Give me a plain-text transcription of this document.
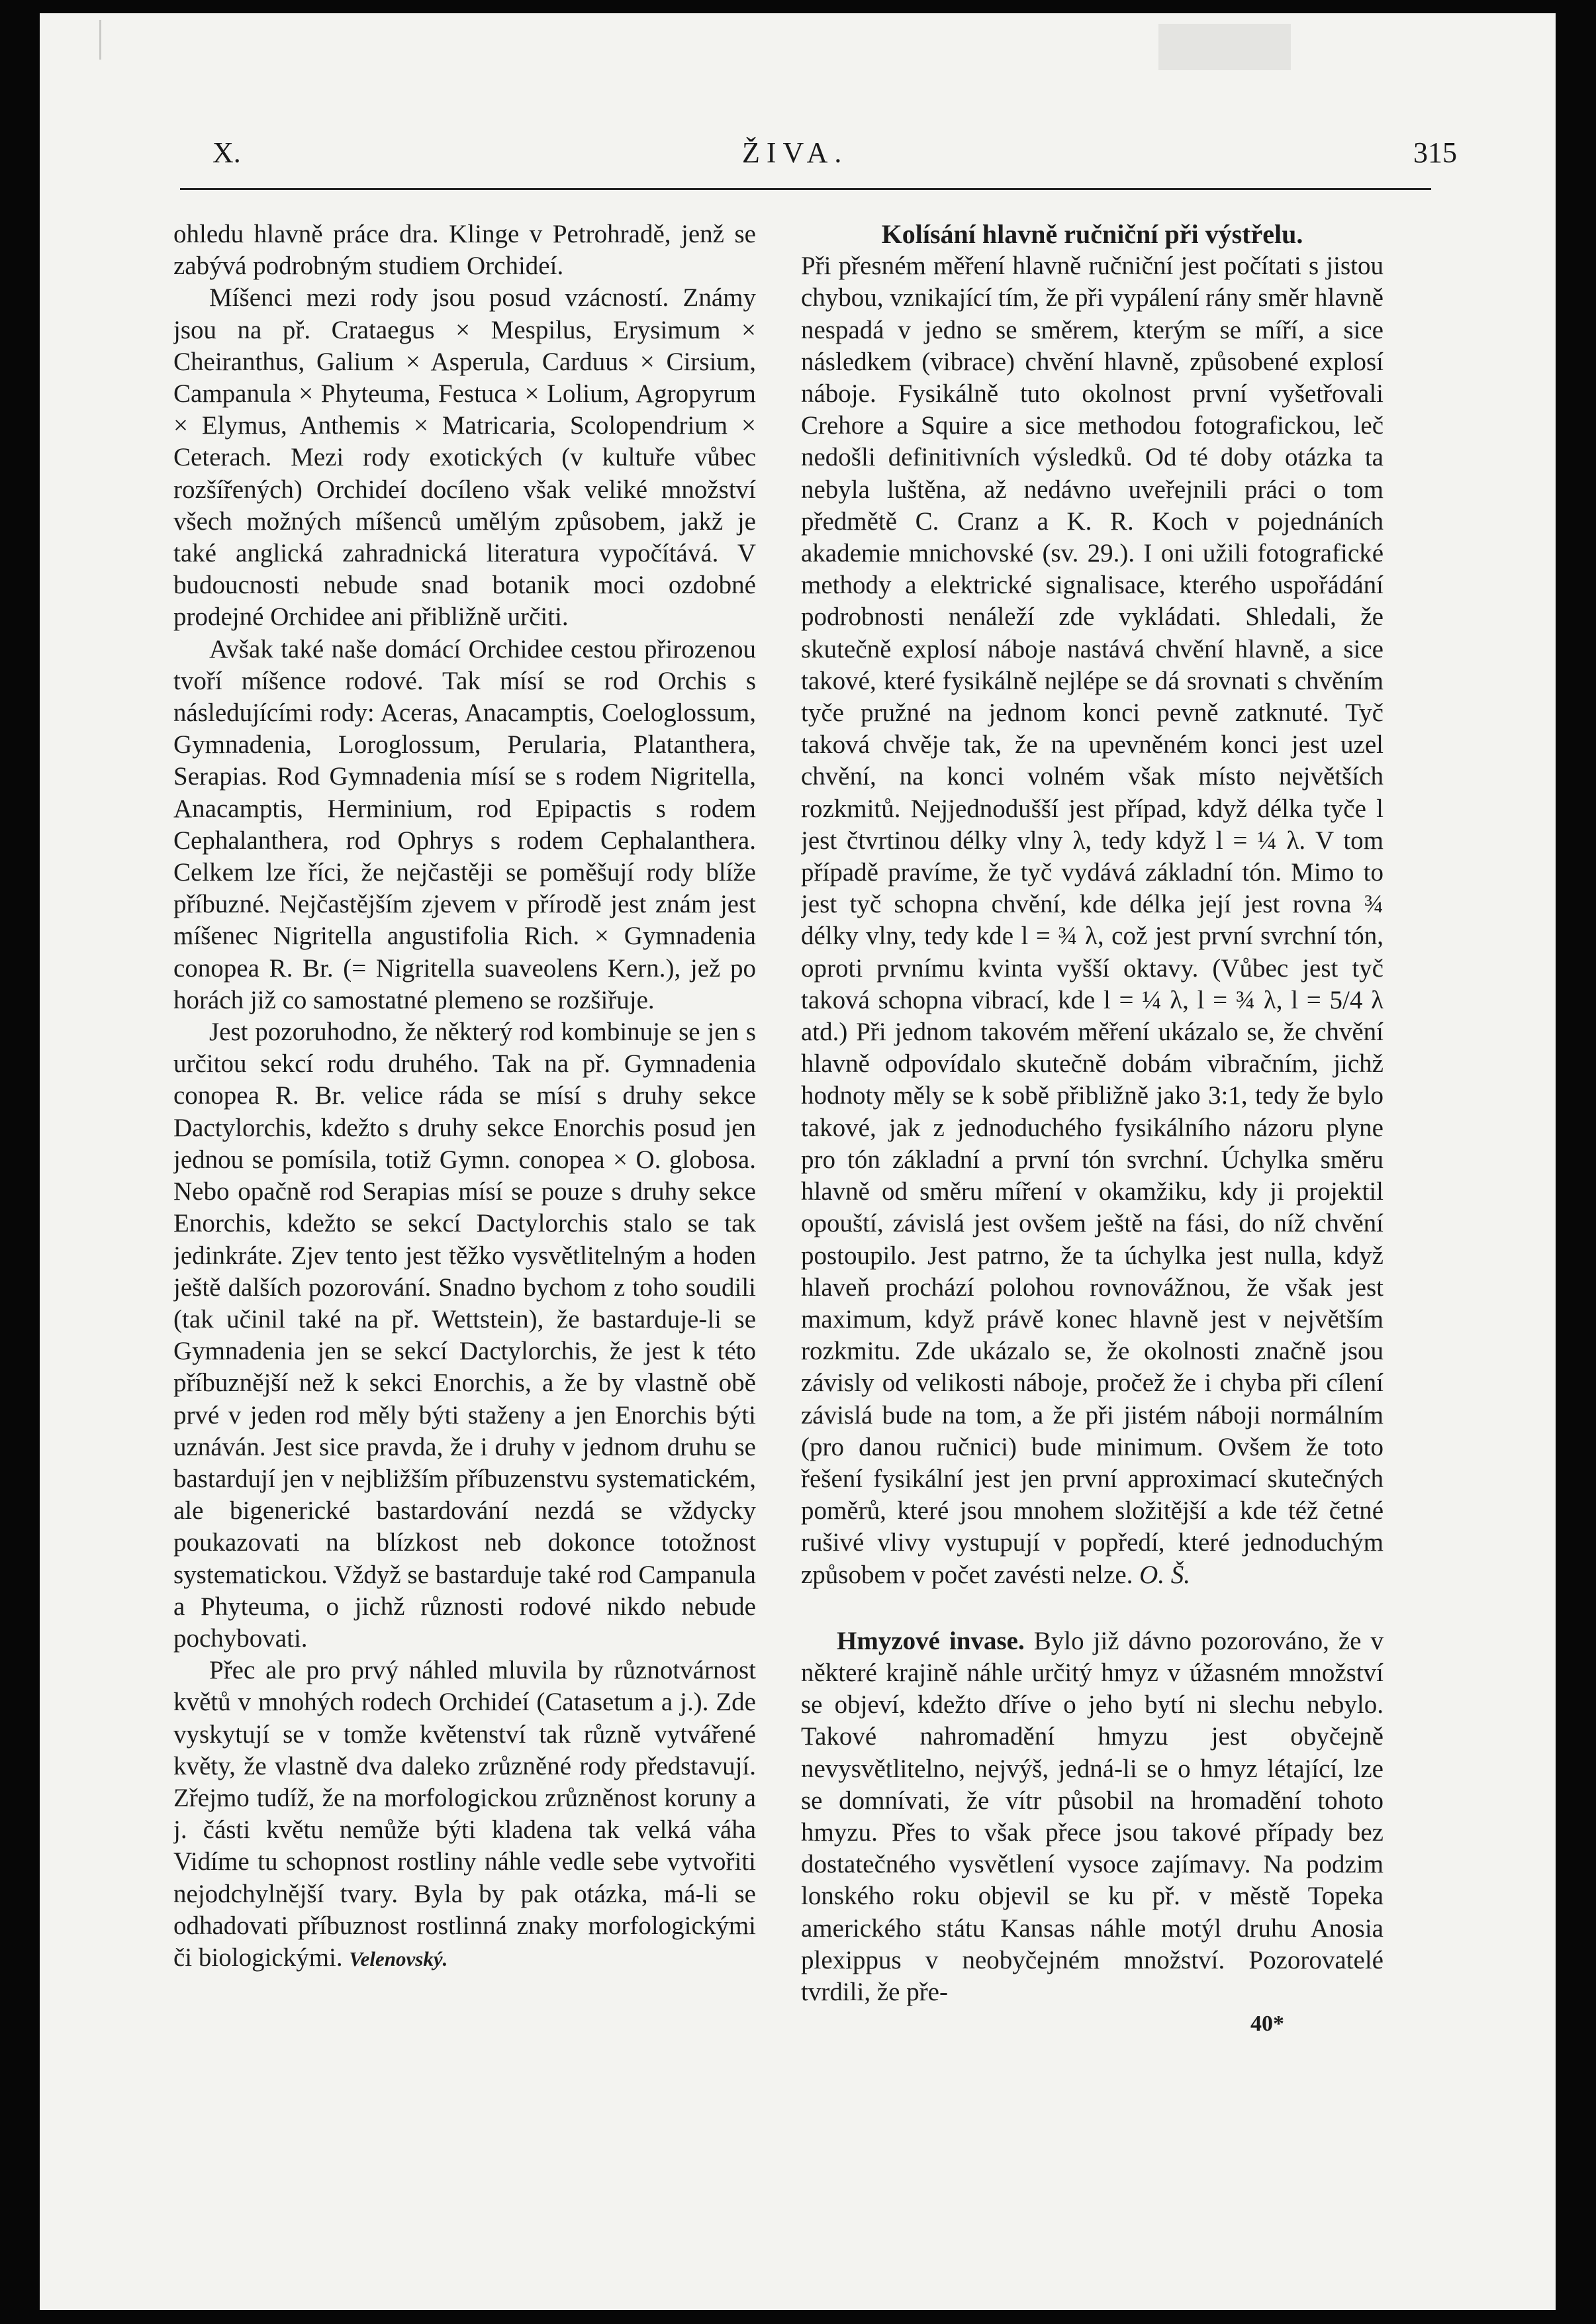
X.	ŽIVA.	315

ohledu hlavně práce dra. Klinge v Petrohradě, jenž se zabývá podrobným studiem Orchideí.

Míšenci mezi rody jsou posud vzácností. Známy jsou na př. Crataegus × Mespilus, Erysimum × Cheiranthus, Galium × Asperula, Carduus × Cirsium, Campanula × Phyteuma, Festuca × Lolium, Agropyrum × Elymus, Anthemis × Matricaria, Scolopendrium × Ceterach. Mezi rody exotických (v kultuře vůbec rozšířených) Orchideí docíleno však veliké množství všech možných míšenců umělým způsobem, jakž je také anglická zahradnická literatura vypočítává. V budoucnosti nebude snad botanik moci ozdobné prodejné Orchidee ani přibližně určiti.

Avšak také naše domácí Orchidee cestou přirozenou tvoří míšence rodové. Tak mísí se rod Orchis s následujícími rody: Aceras, Anacamptis, Coeloglossum, Gymnadenia, Loroglossum, Perularia, Platanthera, Serapias. Rod Gymnadenia mísí se s rodem Nigritella, Anacamptis, Herminium, rod Epipactis s rodem Cephalanthera, rod Ophrys s rodem Cephalanthera. Celkem lze říci, že nejčastěji se poměšují rody blíže příbuzné. Nejčastějším zjevem v přírodě jest znám jest míšenec Nigritella angustifolia Rich. × Gymnadenia conopea R. Br. (= Nigritella suaveolens Kern.), jež po horách již co samostatné plemeno se rozšiřuje.

Jest pozoruhodno, že některý rod kombinuje se jen s určitou sekcí rodu druhého. Tak na př. Gymnadenia conopea R. Br. velice ráda se mísí s druhy sekce Dactylorchis, kdežto s druhy sekce Enorchis posud jen jednou se pomísila, totiž Gymn. conopea × O. globosa. Nebo opačně rod Serapias mísí se pouze s druhy sekce Enorchis, kdežto se sekcí Dactylorchis stalo se tak jedinkráte. Zjev tento jest těžko vysvětlitelným a hoden ještě dalších pozorování. Snadno bychom z toho soudili (tak učinil také na př. Wettstein), že bastarduje-li se Gymnadenia jen se sekcí Dactylorchis, že jest k této příbuznější než k sekci Enorchis, a že by vlastně obě prvé v jeden rod měly býti staženy a jen Enorchis býti uznáván. Jest sice pravda, že i druhy v jednom druhu se bastardují jen v nejbližším příbuzenstvu systematickém, ale bigenerické bastardování nezdá se vždycky poukazovati na blízkost neb dokonce totožnost systematickou. Vždyž se bastarduje také rod Campanula a Phyteuma, o jichž různosti rodové nikdo nebude pochybovati.

Přec ale pro prvý náhled mluvila by různotvárnost květů v mnohých rodech Orchideí (Catasetum a j.). Zde vyskytují se v tomže květenství tak různě vytvářené květy, že vlastně dva daleko zrůzněné rody představují. Zřejmo tudíž, že na morfologickou zrůzněnost koruny a j. části květu nemůže býti kladena tak velká váha Vidíme tu schopnost rostliny náhle vedle sebe vytvořiti nejodchylnější tvary. Byla by pak otázka, má-li se odhadovati příbuznost rostlinná znaky morfologickými či biologickými. Velenovský.

Kolísání hlavně ručniční při výstřelu.

Při přesném měření hlavně ručniční jest počítati s jistou chybou, vznikající tím, že při vypálení rány směr hlavně nespadá v jedno se směrem, kterým se míří, a sice následkem (vibrace) chvění hlavně, způsobené explosí náboje. Fysikálně tuto okolnost první vyšetřovali Crehore a Squire a sice methodou fotografickou, leč nedošli definitivních výsledků. Od té doby otázka ta nebyla luštěna, až nedávno uveřejnili práci o tom předmětě C. Cranz a K. R. Koch v pojednáních akademie mnichovské (sv. 29.). I oni užili fotografické methody a elektrické signalisace, kterého uspořádání podrobnosti nenáleží zde vykládati. Shledali, že skutečně explosí náboje nastává chvění hlavně, a sice takové, které fysikálně nejlépe se dá srovnati s chvěním tyče pružné na jednom konci pevně zatknuté. Tyč taková chvěje tak, že na upevněném konci jest uzel chvění, na konci volném však místo největších rozkmitů. Nejjednodušší jest případ, když délka tyče l jest čtvrtinou délky vlny λ, tedy když l = ¼ λ. V tom případě pravíme, že tyč vydává základní tón. Mimo to jest tyč schopna chvění, kde délka její jest rovna ¾ délky vlny, tedy kde l = ¾ λ, což jest první svrchní tón, oproti prvnímu kvinta vyšší oktavy. (Vůbec jest tyč taková schopna vibrací, kde l = ¼ λ, l = ¾ λ, l = 5/4 λ atd.) Při jednom takovém měření ukázalo se, že chvění hlavně odpovídalo skutečně dobám vibračním, jichž hodnoty měly se k sobě přibližně jako 3:1, tedy že bylo takové, jak z jednoduchého fysikálního názoru plyne pro tón základní a první tón svrchní. Úchylka směru hlavně od směru míření v okamžiku, kdy ji projektil opouští, závislá jest ovšem ještě na fási, do níž chvění postoupilo. Jest patrno, že ta úchylka jest nulla, když hlaveň prochází polohou rovnovážnou, že však jest maximum, když právě konec hlavně jest v největším rozkmitu. Zde ukázalo se, že okolnosti značně jsou závisly od velikosti náboje, pročež že i chyba při cílení závislá bude na tom, a že při jistém náboji normálním (pro danou ručnici) bude minimum. Ovšem že toto řešení fysikální jest jen první approximací skutečných poměrů, které jsou mnohem složitější a kde též četné rušivé vlivy vystupují v popředí, které jednoduchým způsobem v počet zavésti nelze. O. Š.

Hmyzové invase. Bylo již dávno pozorováno, že v některé krajině náhle určitý hmyz v úžasném množství se objeví, kdežto dříve o jeho bytí ni slechu nebylo. Takové nahromadění hmyzu jest obyčejně nevysvětlitelno, nejvýš, jedná-li se o hmyz létající, lze se domnívati, že vítr působil na hromadění tohoto hmyzu. Přes to však přece jsou takové případy bez dostatečného vysvětlení vysoce zajímavy. Na podzim lonského roku objevil se ku př. v městě Topeka amerického státu Kansas náhle motýl druhu Anosia plexippus v neobyčejném množství. Pozorovatelé tvrdili, že pře-

40*
